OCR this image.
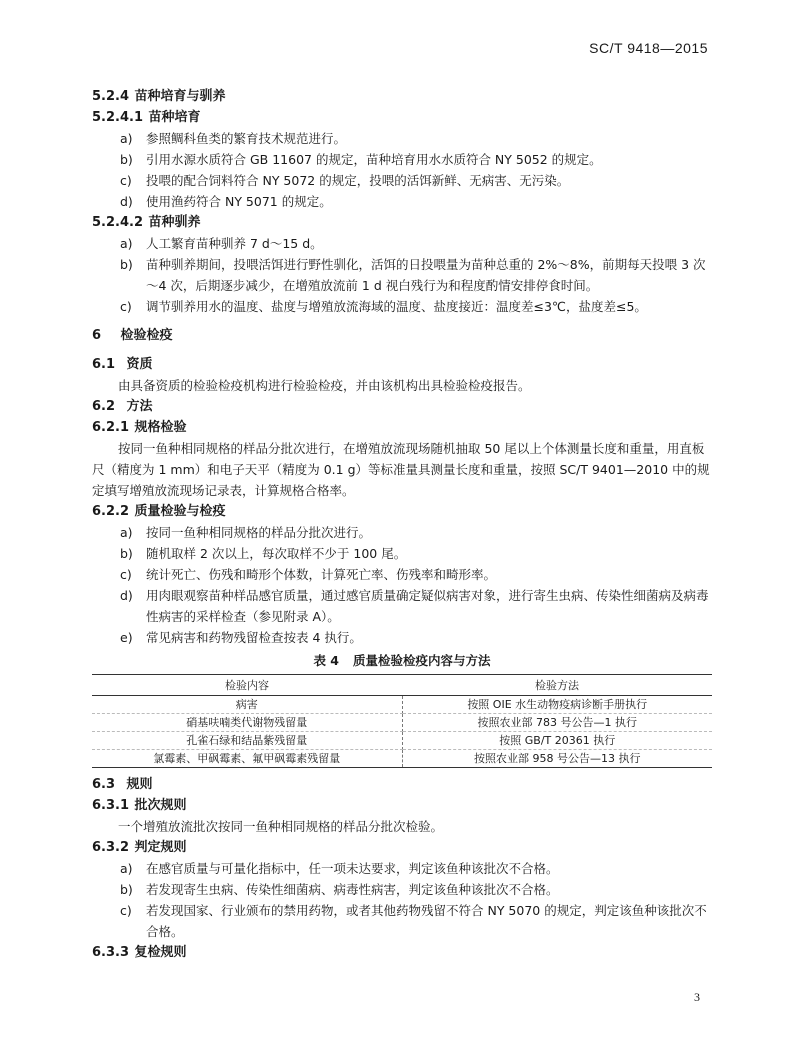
SC/T 9418—2015
5.2.4 苗种培育与驯养
5.2.4.1 苗种培育
a) 参照鲷科鱼类的繁育技术规范进行。
b) 引用水源水质符合 GB 11607 的规定，苗种培育用水水质符合 NY 5052 的规定。
c) 投喂的配合饲料符合 NY 5072 的规定，投喂的活饵新鲜、无病害、无污染。
d) 使用渔药符合 NY 5071 的规定。
5.2.4.2 苗种驯养
a) 人工繁育苗种驯养 7 d～15 d。
b) 苗种驯养期间，投喂活饵进行野性驯化，活饵的日投喂量为苗种总重的 2%～8%，前期每天投喂 3 次～4 次，后期逐步减少，在增殖放流前 1 d 视白残行为和程度酌情安排停食时间。
c) 调节驯养用水的温度、盐度与增殖放流海域的温度、盐度接近：温度差≤3℃，盐度差≤5。
6 检验检疫
6.1 资质

由具备资质的检验检疫机构进行检验检疫，并由该机构出具检验检疫报告。

6.2 方法
6.2.1 规格检验

按同一鱼种相同规格的样品分批次进行，在增殖放流现场随机抽取 50 尾以上个体测量长度和重量，用直板尺（精度为 1 mm）和电子天平（精度为 0.1 g）等标准量具测量长度和重量，按照 SC/T 9401—2010 中的规定填写增殖放流现场记录表，计算规格合格率。

6.2.2 质量检验与检疫
a) 按同一鱼种相同规格的样品分批次进行。
b) 随机取样 2 次以上，每次取样不少于 100 尾。
c) 统计死亡、伤残和畸形个体数，计算死亡率、伤残率和畸形率。
d) 用肉眼观察苗种样品感官质量，通过感官质量确定疑似病害对象，进行寄生虫病、传染性细菌病及病毒性病害的采样检查（参见附录 A）。
e) 常见病害和药物残留检查按表 4 执行。
表 4 质量检验检疫内容与方法
检验内容	检验方法
病害	按照 OIE 水生动物疫病诊断手册执行
硝基呋喃类代谢物残留量	按照农业部 783 号公告—1 执行
孔雀石绿和结晶紫残留量	按照 GB/T 20361 执行
氯霉素、甲砜霉素、氟甲砜霉素残留量	按照农业部 958 号公告—13 执行
6.3 规则
6.3.1 批次规则

一个增殖放流批次按同一鱼种相同规格的样品分批次检验。

6.3.2 判定规则
a) 在感官质量与可量化指标中，任一项未达要求，判定该鱼种该批次不合格。
b) 若发现寄生虫病、传染性细菌病、病毒性病害，判定该鱼种该批次不合格。
c) 若发现国家、行业颁布的禁用药物，或者其他药物残留不符合 NY 5070 的规定，判定该鱼种该批次不合格。
6.3.3 复检规则
3
